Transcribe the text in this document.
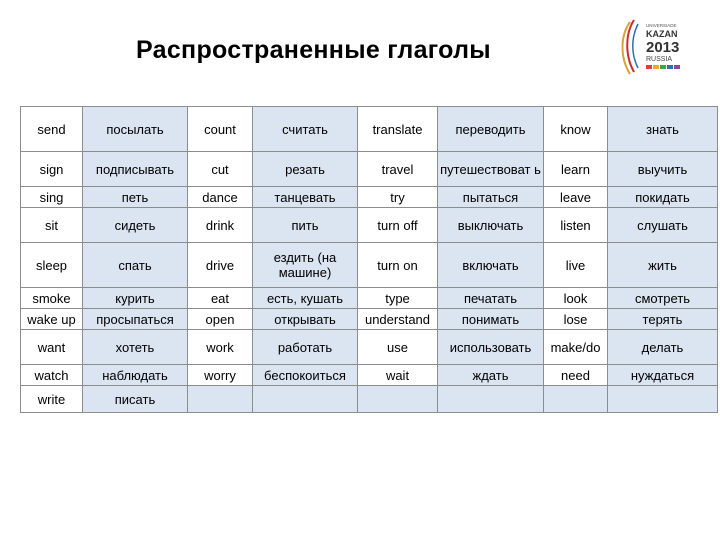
Распространенные глаголы
UNIVERSIADE
KAZAN
2013
RUSSIA
send	посылать	count	считать	translate	переводить	know	знать
sign	подписывать	cut	резать	travel	путешествоват ь	learn	выучить
sing	петь	dance	танцевать	try	пытаться	leave	покидать
sit	сидеть	drink	пить	turn off	выключать	listen	слушать
sleep	спать	drive	ездить (на машине)	turn on	включать	live	жить
smoke	курить	eat	есть, кушать	type	печатать	look	смотреть
wake up	просыпаться	open	открывать	understand	понимать	lose	терять
want	хотеть	work	работать	use	использовать	make/do	делать
watch	наблюдать	worry	беспокоиться	wait	ждать	need	нуждаться
write	писать						
